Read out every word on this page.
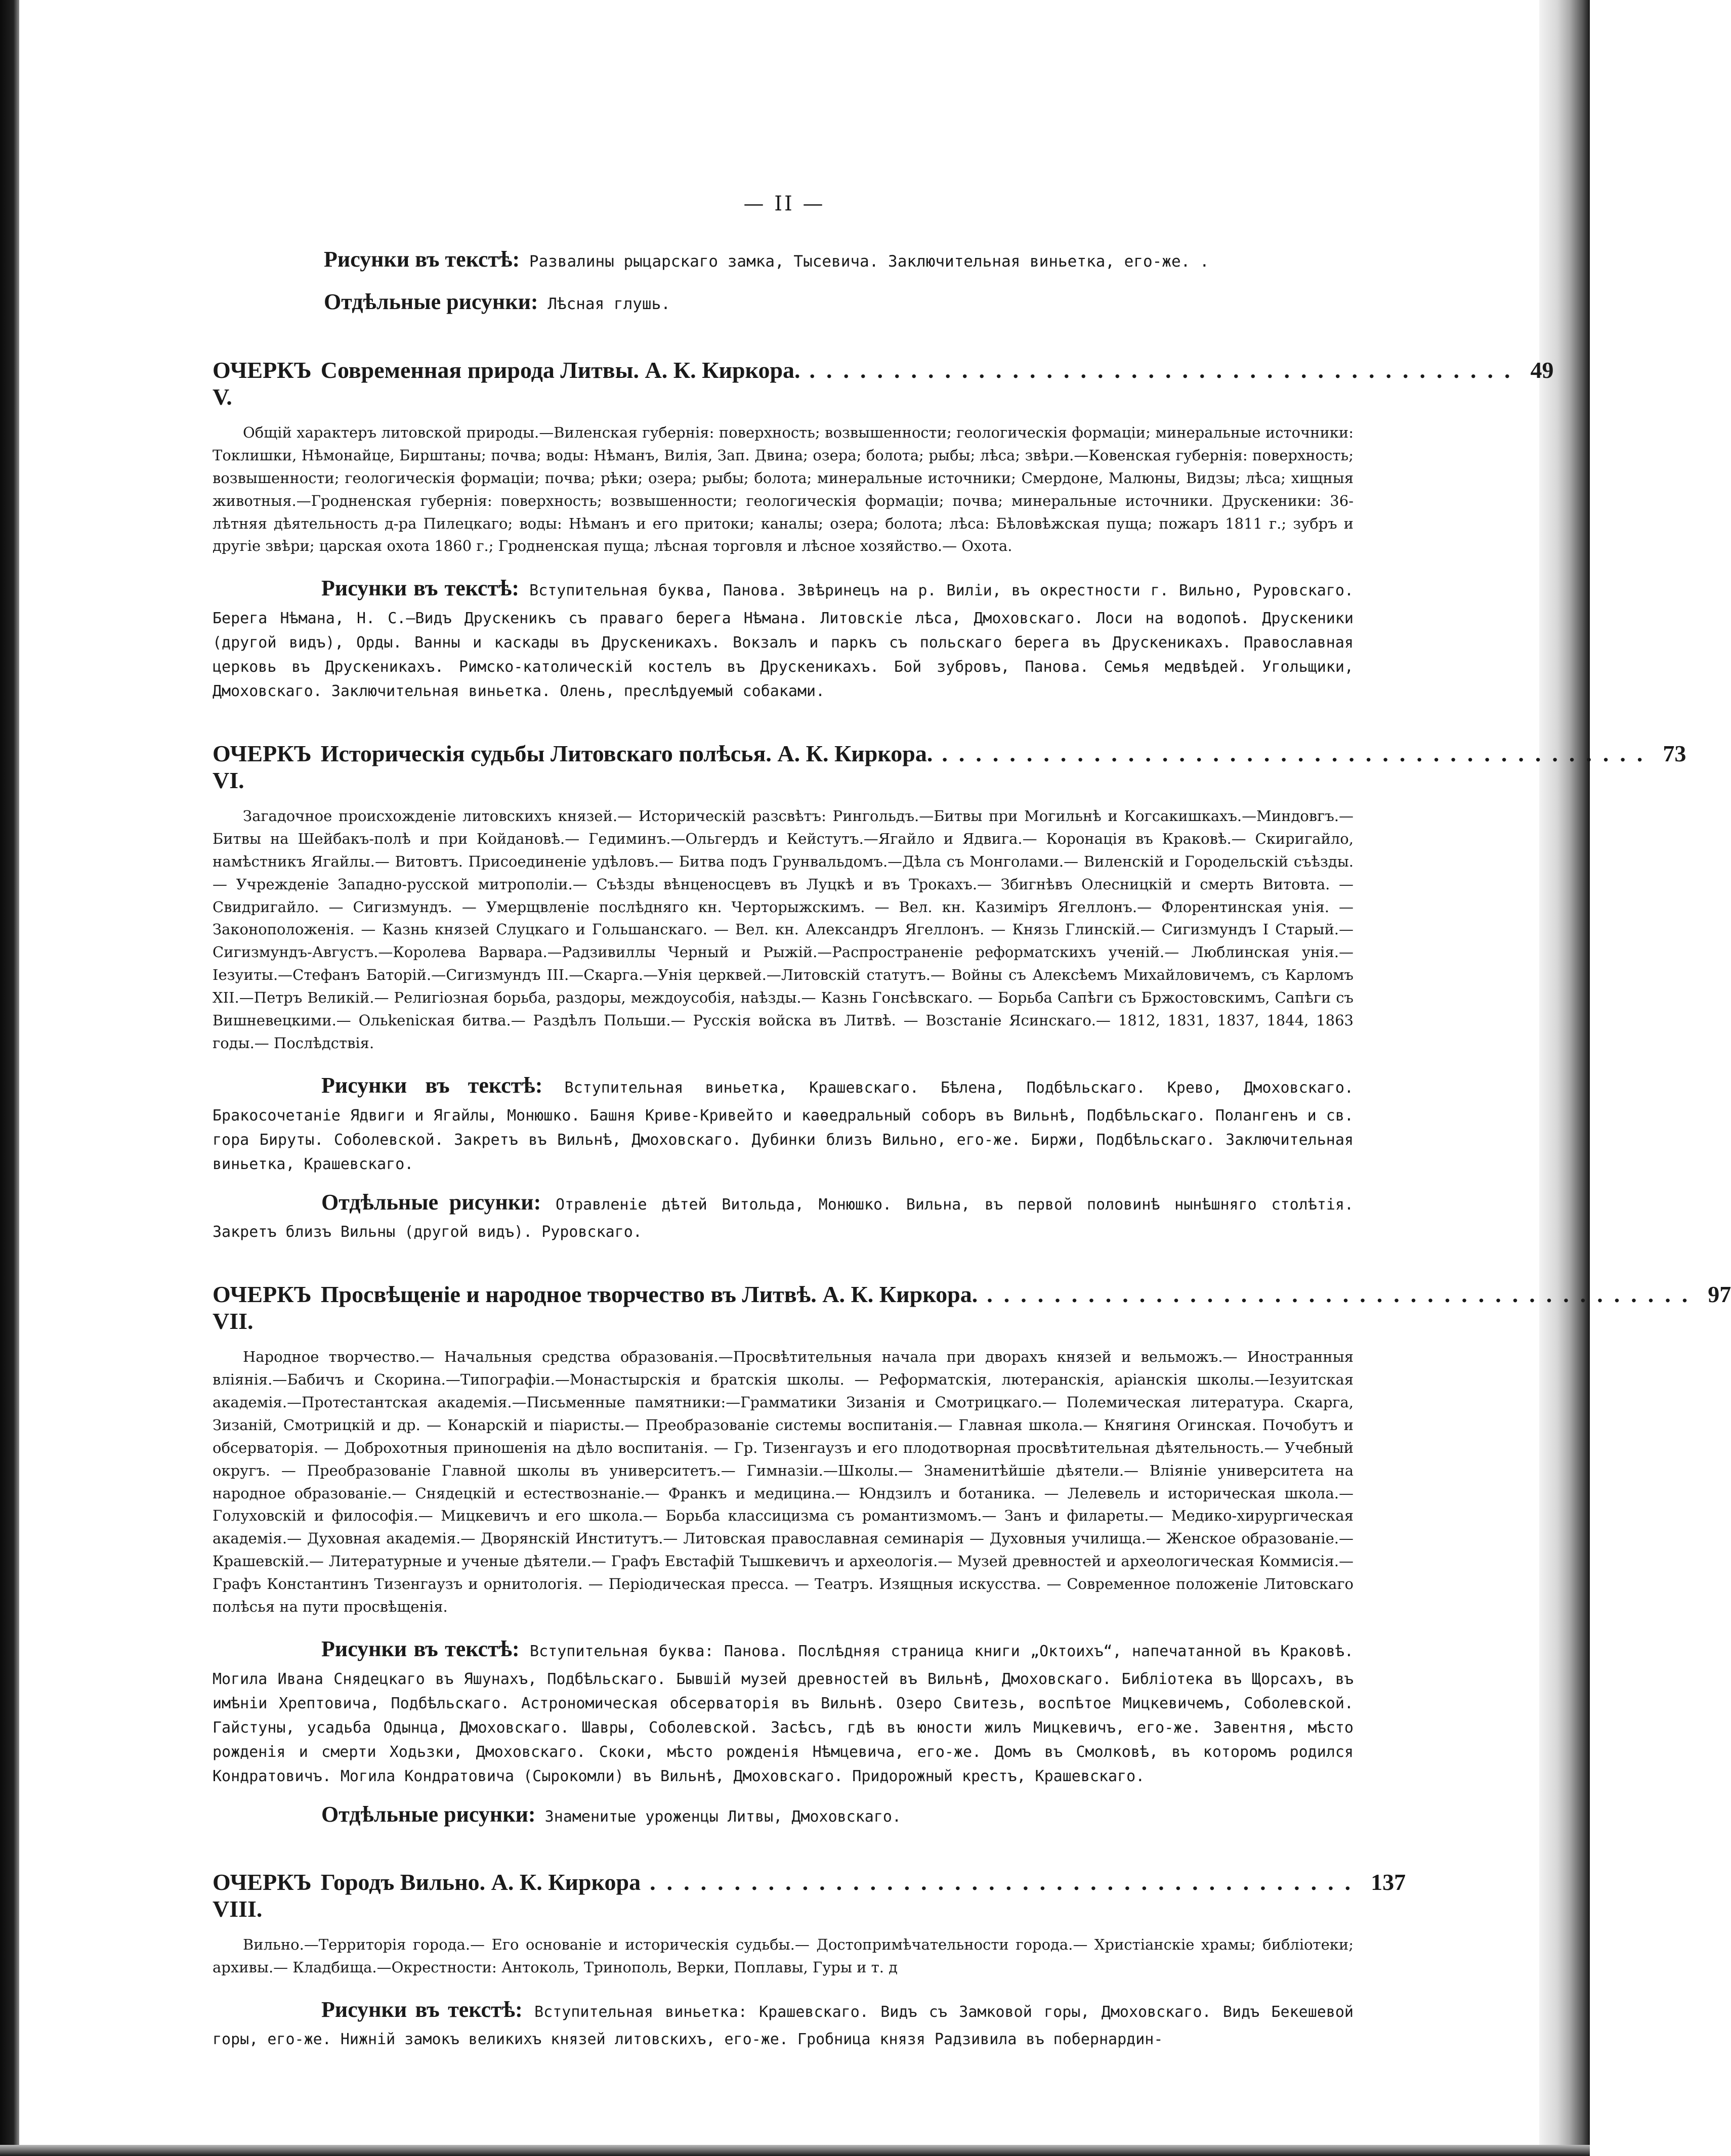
— II —
Рисунки въ текстѣ: Развалины рыцарскаго замка, Тысевича. Заключительная виньетка, его-же. .
Отдѣльные рисунки: Лѣсная глушь.
ОЧЕРКЪ V.
Современная природа Литвы. А. К. Киркора. .......................................... 49

Общій характеръ литовской природы.—Виленская губернія: поверхность; возвышенности; геологическія формаціи; минеральные источники: Токлишки, Нѣмонайце, Бирштаны; почва; воды: Нѣманъ, Вилія, Зап. Двина; озера; болота; рыбы; лѣса; звѣри.—Ковенская губернія: поверхность; возвышенности; геологическія формаціи; почва; рѣки; озера; рыбы; болота; минеральные источники; Смердоне, Малюны, Видзы; лѣса; хищныя животныя.—Гродненская губернія: поверхность; возвышенности; геологическія формаціи; почва; минеральные источники. Друскеники: 36-лѣтняя дѣятельность д-ра Пилецкаго; воды: Нѣманъ и его притоки; каналы; озера; болота; лѣса: Бѣловѣжская пуща; пожаръ 1811 г.; зубръ и другіе звѣри; царская охота 1860 г.; Гродненская пуща; лѣсная торговля и лѣсное хозяйство.— Охота.

Рисунки въ текстѣ: Вступительная буква, Панова. Звѣринецъ на р. Виліи, въ окрестности г. Вильно, Руровскаго. Берега Нѣмана, Н. С.—Видъ Друскеникъ съ праваго берега Нѣмана. Литовскіе лѣса, Дмоховскаго. Лоси на водопоѣ. Друскеники (другой видъ), Орды. Ванны и каскады въ Друскеникахъ. Вокзалъ и паркъ съ польскаго берега въ Друскеникахъ. Православная церковь въ Друскеникахъ. Римско-католическій костелъ въ Друскеникахъ. Бой зубровъ, Панова. Семья медвѣдей. Угольщики, Дмоховскаго. Заключительная виньетка. Олень, преслѣдуемый собаками.

ОЧЕРКЪ VI.
Историческія судьбы Литовскаго полѣсья. А. К. Киркора. .......................................... 73

Загадочное происхожденіе литовскихъ князей.— Историческій разсвѣтъ: Рингольдъ.—Битвы при Могильнѣ и Когсакишкахъ.—Миндовгъ.— Битвы на Шейбакъ-полѣ и при Койдановѣ.— Гедиминъ.—Ольгердъ и Кейстутъ.—Ягайло и Ядвига.— Коронація въ Краковѣ.— Скиригайло, намѣстникъ Ягайлы.— Витовтъ. Присоединеніе удѣловъ.— Битва подъ Грунвальдомъ.—Дѣла съ Монголами.— Виленскій и Городельскій съѣзды. — Учрежденіе Западно-русской митрополіи.— Съѣзды вѣнценосцевъ въ Луцкѣ и въ Трокахъ.— Збигнѣвъ Олесницкій и смерть Витовта. — Свидригайло. — Сигизмундъ. — Умерщвленіе послѣдняго кн. Черторыжскимъ. — Вел. кн. Казиміръ Ягеллонъ.— Флорентинская унія. — Законоположенія. — Казнь князей Слуцкаго и Гольшанскаго. — Вел. кн. Александръ Ягеллонъ. — Князь Глинскій.— Сигизмундъ I Старый.—Сигизмундъ-Августъ.—Королева Варвара.—Радзивиллы Черный и Рыжій.—Распространеніе реформатскихъ ученій.— Люблинская унія.—Іезуиты.—Стефанъ Баторій.—Сигизмундъ III.—Скарга.—Унія церквей.—Литовскій статутъ.— Войны съ Алексѣемъ Михайловичемъ, съ Карломъ XII.—Петръ Великій.— Религіозная борьба, раздоры, междоусобія, наѣзды.— Казнь Гонсѣвскаго. — Борьба Сапѣги съ Бржостовскимъ, Сапѣги съ Вишневецкими.— Ольkenicкая битва.— Раздѣлъ Польши.— Русскія войска въ Литвѣ. — Возстаніе Ясинскаго.— 1812, 1831, 1837, 1844, 1863 годы.— Послѣдствія.

Рисунки въ текстѣ: Вступительная виньетка, Крашевскаго. Бѣлена, Подбѣльскаго. Крево, Дмоховскаго. Бракосочетаніе Ядвиги и Ягайлы, Монюшко. Башня Криве-Кривейто и каѳедральный соборъ въ Вильнѣ, Подбѣльскаго. Полангенъ и св. гора Бируты. Соболевской. Закретъ въ Вильнѣ, Дмоховскаго. Дубинки близъ Вильно, его-же. Биржи, Подбѣльскаго. Заключительная виньетка, Крашевскаго.

Отдѣльные рисунки: Отравленіе дѣтей Витольда, Монюшко. Вильна, въ первой половинѣ нынѣшняго столѣтія. Закретъ близъ Вильны (другой видъ). Руровскаго.

ОЧЕРКЪ VII.
Просвѣщеніе и народное творчество въ Литвѣ. А. К. Киркора. .......................................... 97

Народное творчество.— Начальныя средства образованія.—Просвѣтительныя начала при дворахъ князей и вельможъ.— Иностранныя вліянія.—Бабичъ и Скорина.—Типографіи.—Монастырскія и братскія школы. — Реформатскія, лютеранскія, аріанскія школы.—Іезуитская академія.—Протестантская академія.—Письменные памятники:—Грамматики Зизанія и Смотрицкаго.— Полемическая литература. Скарга, Зизаній, Смотрицкій и др. — Конарскій и піаристы.— Преобразованіе системы воспитанія.— Главная школа.— Княгиня Огинская. Почобутъ и обсерваторія. — Доброхотныя приношенія на дѣло воспитанія. — Гр. Тизенгаузъ и его плодотворная просвѣтительная дѣятельность.— Учебный округъ. — Преобразованіе Главной школы въ университетъ.— Гимназіи.—Школы.— Знаменитѣйшіе дѣятели.— Вліяніе университета на народное образованіе.— Снядецкій и естествознаніе.— Франкъ и медицина.— Юндзилъ и ботаника. — Лелевель и историческая школа.— Голуховскій и философія.— Мицкевичъ и его школа.— Борьба классицизма съ романтизмомъ.— Занъ и филареты.— Медико-хирургическая академія.— Духовная академія.— Дворянскій Институтъ.— Литовская православная семинарія — Духовныя училища.— Женское образованіе.— Крашевскій.— Литературные и ученые дѣятели.— Графъ Евстафій Тышкевичъ и археологія.— Музей древностей и археологическая Коммисія.— Графъ Константинъ Тизенгаузъ и орнитологія. — Періодическая пресса. — Театръ. Изящныя искусства. — Современное положеніе Литовскаго полѣсья на пути просвѣщенія.

Рисунки въ текстѣ: Вступительная буква: Панова. Послѣдняя страница книги „Октоихъ“, напечатанной въ Краковѣ. Могила Ивана Снядецкаго въ Яшунахъ, Подбѣльскаго. Бывшій музей древностей въ Вильнѣ, Дмоховскаго. Библіотека въ Щорсахъ, въ имѣніи Хрептовича, Подбѣльскаго. Астрономическая обсерваторія въ Вильнѣ. Озеро Свитезь, воспѣтое Мицкевичемъ, Соболевской. Гайстуны, усадьба Одынца, Дмоховскаго. Шавры, Соболевской. Засѣсъ, гдѣ въ юности жилъ Мицкевичъ, его-же. Завентня, мѣсто рожденія и смерти Ходьзки, Дмоховскаго. Скоки, мѣсто рожденія Нѣмцевича, его-же. Домъ въ Смолковѣ, въ которомъ родился Кондратовичъ. Могила Кондратовича (Сырокомли) въ Вильнѣ, Дмоховскаго. Придорожный крестъ, Крашевскаго.

Отдѣльные рисунки: Знаменитые уроженцы Литвы, Дмоховскаго.

ОЧЕРКЪ VIII.
Городъ Вильно. А. К. Киркора .......................................... 137

Вильно.—Территорія города.— Его основаніе и историческія судьбы.— Достопримѣчательности города.— Христіанскіе храмы; библіотеки; архивы.— Кладбища.—Окрестности: Антоколь, Тринополь, Верки, Поплавы, Гуры и т. д

Рисунки въ текстѣ: Вступительная виньетка: Крашевскаго. Видъ съ Замковой горы, Дмоховскаго. Видъ Бекешевой горы, его-же. Нижній замокъ великихъ князей литовскихъ, его-же. Гробница князя Радзивила въ побернардин-
